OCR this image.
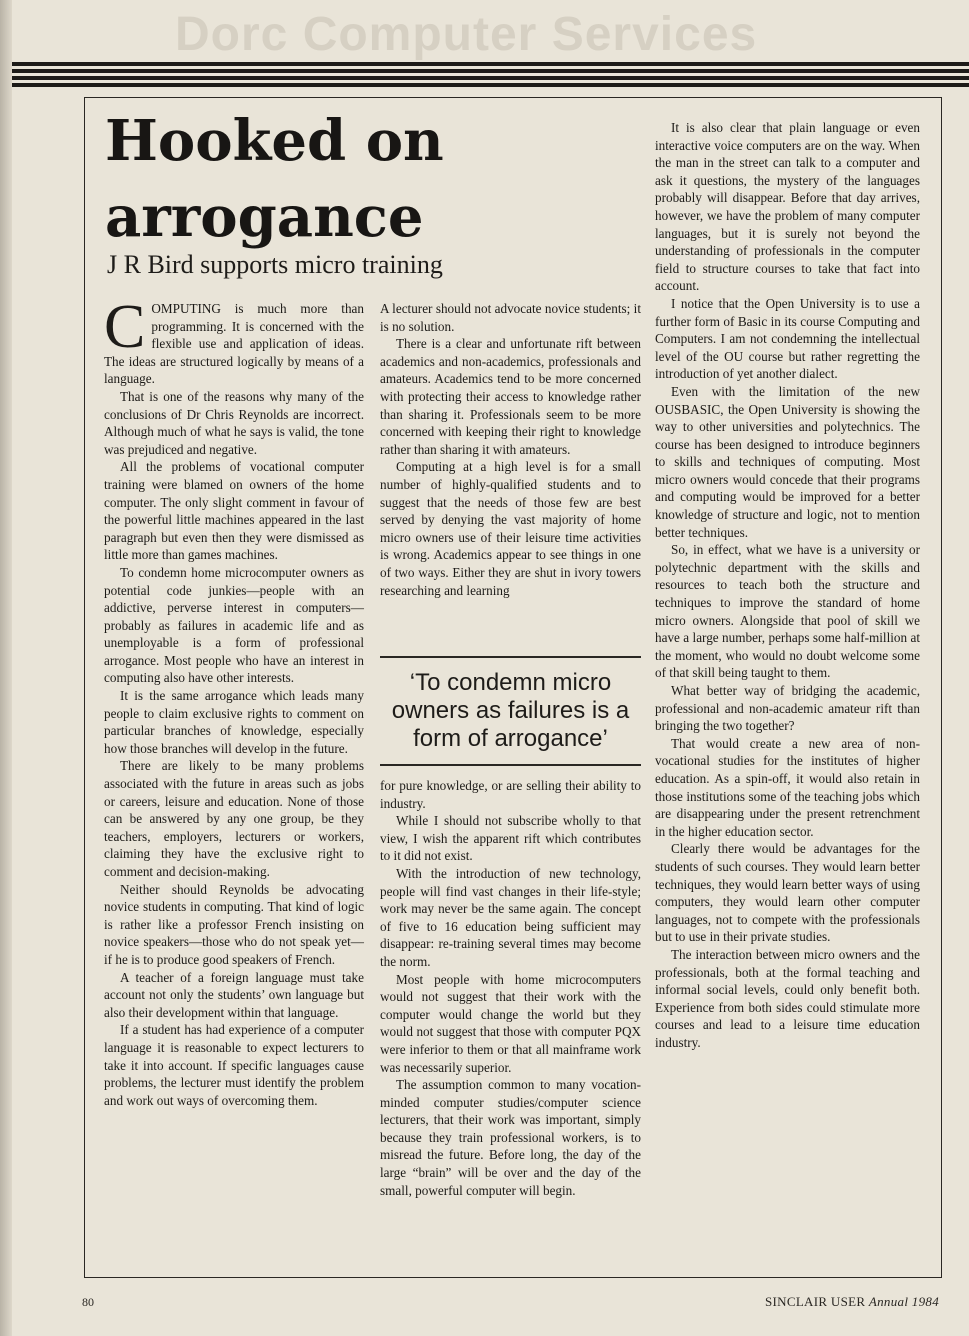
Dorc Computer Services
Hooked on arrogance
J R Bird supports micro training

COMPUTING is much more than programming. It is concerned with the flexible use and application of ideas. The ideas are structured logically by means of a language.

That is one of the reasons why many of the conclusions of Dr Chris Reynolds are incorrect. Although much of what he says is valid, the tone was prejudiced and negative.

All the problems of vocational computer training were blamed on owners of the home computer. The only slight comment in favour of the powerful little machines appeared in the last paragraph but even then they were dismissed as little more than games machines.

To condemn home microcomputer owners as potential code junkies—people with an addictive, perverse interest in computers—probably as failures in academic life and as unemployable is a form of professional arrogance. Most people who have an interest in computing also have other interests.

It is the same arrogance which leads many people to claim exclusive rights to comment on particular branches of knowledge, especially how those branches will develop in the future.

There are likely to be many problems associated with the future in areas such as jobs or careers, leisure and education. None of those can be answered by any one group, be they teachers, employers, lecturers or workers, claiming they have the exclusive right to comment and decision-making.

Neither should Reynolds be advocating novice students in computing. That kind of logic is rather like a professor French insisting on novice speakers—those who do not speak yet—if he is to produce good speakers of French.

A teacher of a foreign language must take account not only the students’ own language but also their development within that language.

If a student has had experience of a computer language it is reasonable to expect lecturers to take it into account. If specific languages cause problems, the lecturer must identify the problem and work out ways of overcoming them.

A lecturer should not advocate novice students; it is no solution.

There is a clear and unfortunate rift between academics and non-academics, professionals and amateurs. Academics tend to be more concerned with protecting their access to knowledge rather than sharing it. Professionals seem to be more concerned with keeping their right to knowledge rather than sharing it with amateurs.

Computing at a high level is for a small number of highly-qualified students and to suggest that the needs of those few are best served by denying the vast majority of home micro owners use of their leisure time activities is wrong. Academics appear to see things in one of two ways. Either they are shut in ivory towers researching and learning

‘To condemn micro owners as failures is a form of arrogance’

for pure knowledge, or are selling their ability to industry.

While I should not subscribe wholly to that view, I wish the apparent rift which contributes to it did not exist.

With the introduction of new technology, people will find vast changes in their life-style; work may never be the same again. The concept of five to 16 education being sufficient may disappear: re-training several times may become the norm.

Most people with home microcomputers would not suggest that their work with the computer would change the world but they would not suggest that those with computer PQX were inferior to them or that all mainframe work was necessarily superior.

The assumption common to many vocation-minded computer studies/computer science lecturers, that their work was important, simply because they train professional workers, is to misread the future. Before long, the day of the large “brain” will be over and the day of the small, powerful computer will begin.

It is also clear that plain language or even interactive voice computers are on the way. When the man in the street can talk to a computer and ask it questions, the mystery of the languages probably will disappear. Before that day arrives, however, we have the problem of many computer languages, but it is surely not beyond the understanding of professionals in the computer field to structure courses to take that fact into account.

I notice that the Open University is to use a further form of Basic in its course Computing and Computers. I am not condemning the intellectual level of the OU course but rather regretting the introduction of yet another dialect.

Even with the limitation of the new OUSBASIC, the Open University is showing the way to other universities and polytechnics. The course has been designed to introduce beginners to skills and techniques of computing. Most micro owners would concede that their programs and computing would be improved for a better knowledge of structure and logic, not to mention better techniques.

So, in effect, what we have is a university or polytechnic department with the skills and resources to teach both the structure and techniques to improve the standard of home micro owners. Alongside that pool of skill we have a large number, perhaps some half-million at the moment, who would no doubt welcome some of that skill being taught to them.

What better way of bridging the academic, professional and non-academic amateur rift than bringing the two together?

That would create a new area of non-vocational studies for the institutes of higher education. As a spin-off, it would also retain in those institutions some of the teaching jobs which are disappearing under the present retrenchment in the higher education sector.

Clearly there would be advantages for the students of such courses. They would learn better techniques, they would learn better ways of using computers, they would learn other computer languages, not to compete with the professionals but to use in their private studies.

The interaction between micro owners and the professionals, both at the formal teaching and informal social levels, could only benefit both. Experience from both sides could stimulate more courses and lead to a leisure time education industry.

80	SINCLAIR USER Annual 1984
